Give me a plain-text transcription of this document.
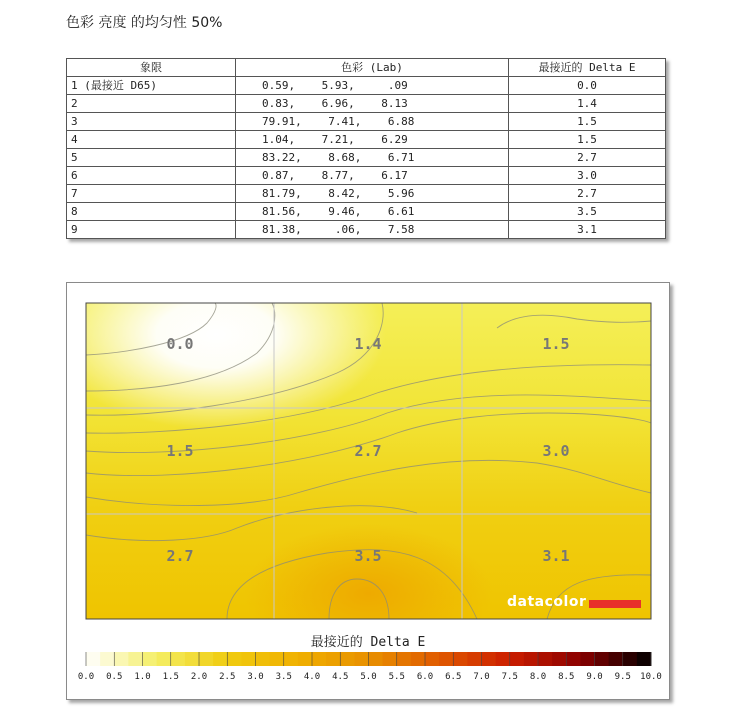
色彩 亮度 的均匀性 50%
象限	色彩 (Lab)	最接近的 Delta E
1 (最接近 D65)	0.59,    5.93,     .09	0.0
2	0.83,    6.96,    8.13	1.4
3	79.91,    7.41,    6.88	1.5
4	1.04,    7.21,    6.29	1.5
5	83.22,    8.68,    6.71	2.7
6	0.87,    8.77,    6.17	3.0
7	81.79,    8.42,    5.96	2.7
8	81.56,    9.46,    6.61	3.5
9	81.38,     .06,    7.58	3.1
0.0	1.4	1.5
1.5	2.7	3.0
2.7	3.5	3.1
datacolor
最接近的 Delta E
0.0 0.5 1.0 1.5 2.0 2.5 3.0 3.5 4.0 4.5 5.0 5.5 6.0 6.5 7.0 7.5 8.0 8.5 9.0 9.5 10.0
